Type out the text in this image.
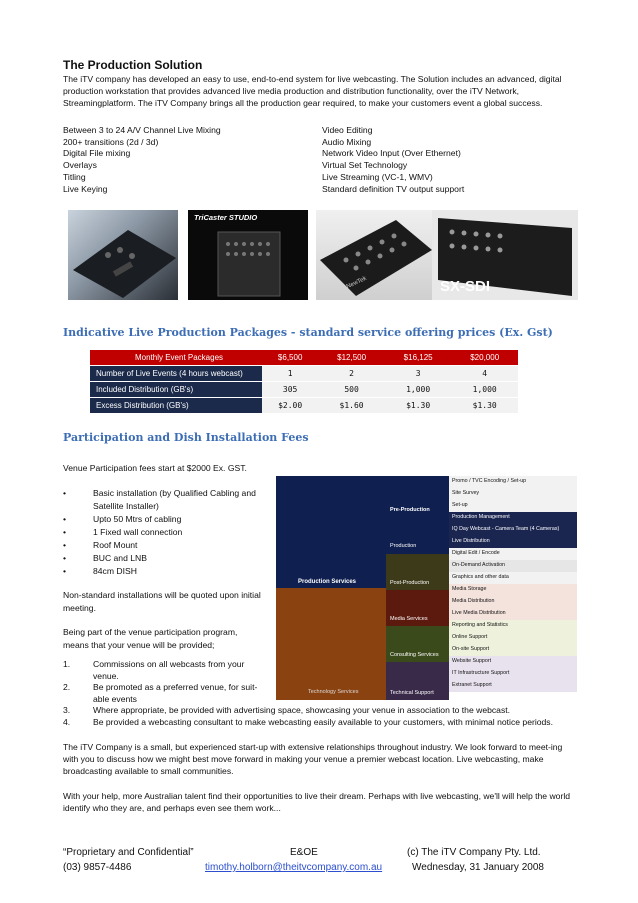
The Production Solution
The iTV company has developed an easy to use, end-to-end system for live webcasting. The Solution includes an advanced, digital production workstation that provides advanced live media production and distribution functionality, over the iTV Network, Streamingplatform. The iTV Company brings all the production gear required, to make your customers event a global success.
Between 3 to 24 A/V Channel Live Mixing
200+ transitions (2d / 3d)
Digital File mixing
Overlays
Titling
Live Keying
Video Editing
Audio Mixing
Network Video Input (Over Ethernet)
Virtual Set Technology
Live Streaming (VC-1, WMV)
Standard definition TV output support
TriCaster STUDIO
NewTek	SX-SDI
Indicative Live Production Packages - standard service offering prices (Ex. Gst)
Monthly Event Packages	$6,500	$12,500	$16,125	$20,000
Number of Live Events (4 hours webcast)	1	2	3	4
Included Distribution (GB's)	305	500	1,000	1,000
Excess Distribution (GB's)	$2.00	$1.60	$1.30	$1.30
Participation and Dish Installation Fees
Venue Participation fees start at $2000 Ex. GST.
•	Basic installation (by Qualified Cabling and
Satellite Installer)
•	Upto 50 Mtrs of cabling
•	1 Fixed wall connection
•	Roof Mount
•	BUC and LNB
•	84cm DISH
Non-standard installations will be quoted upon initial
meeting.
Being part of the venue participation program,
means that your venue will be provided;
1.	Commissions on all webcasts from your
venue.
2.	Be promoted as a preferred venue, for suit-
able events
3.	Where appropriate, be provided with advertising space, showcasing your venue in association to the webcast.
4.	Be provided a webcasting consultant to make webcasting easily available to your customers, with minimal notice periods.
Production Services
Technology Services
Pre-Production
Production
Post-Production
Media Services
Consulting Services
Technical Support
Promo / TVC Encoding / Set-up
Site Survey
Set-up
Production Management
IQ Day Webcast - Camera Team (4 Cameras)
Live Distribution
Digital Edit / Encode
On-Demand Activation
Graphics and other data
Media Storage
Media Distribution
Live Media Distribution
Reporting and Statistics
Online Support
On-site Support
Website Support
IT Infrastructure Support
Extranet Support
The iTV Company is a small, but experienced start-up with extensive relationships throughout industry. We look forward to meet-ing with you to discuss how we might best move forward in making your venue a premier webcast location. Live webcasting, make broadcasting available to small communities.
With your help, more Australian talent find their opportunities to live their dream. Perhaps with live webcasting, we'll will help the world identify who they are, and perhaps even see them work...
“Proprietary and Confidential”	E&OE	(c) The iTV Company Pty. Ltd.
(03) 9857-4486	timothy.holborn@theitvcompany.com.au	Wednesday, 31 January 2008
